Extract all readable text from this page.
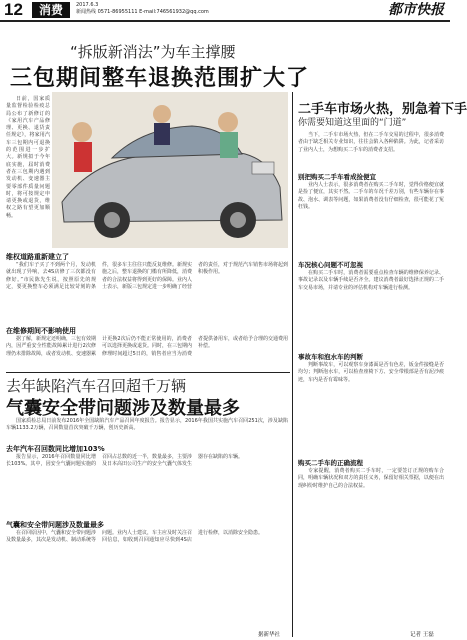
12	消费	2017.6.3
新闻热线 0571-86955111 E-mail:746561932@qq.com	都市快报
“拆版新消法”为车主撑腰
三包期间整车退换范围扩大了

日前，国家质量监督检验检疫总局公布了新修订的《家用汽车产品修理、更换、退货责任规定》，将家用汽车三包期内可退换的范围进一步扩大。新规拟于今年底实施，届时消费者在三包期内遇到发动机、变速器主要零部件质量问题时，将可按规定申请更换或退货，维权之路有望更加顺畅。

维权道路重新建立了

“我们车子买了不到两个月，发动机就出现了异响，去4S店修了三次都没有修好。”市民陈先生说，按照原先的规定，要更换整车必须满足比较苛刻的条件，很多车主往往只能反复维修。新规实施之后，整车退换的门槛有所降低，消费者的合法权益将得到更好的保障。业内人士表示，新版三包规定进一步明确了经营者的责任，对于规范汽车销售市场将起到积极作用。

在维修期间不影响使用

据了解，新规定还明确，三包有效期内，因严重安全性能故障累计进行2次修理仍未排除故障，或者发动机、变速器累计更换2次后仍不能正常使用的，消费者可以选择更换或退货。同时，在三包期内修理时间超过5日的，销售者应当为消费者提供备用车，或者给予合理的交通费用补偿。

二手车市场火热，别急着下手
你需要知道这里面的“门道”

当下，二手车市场火热，但在二手车交易的过程中，很多消费者由于缺乏相关专业知识，往往会陷入各种陷阱。为此，记者采访了业内人士，为想购买二手车的消费者支招。

别把购买二手车看成捡便宜

业内人士表示，很多消费者在购买二手车时，觉得价格便宜就是捡了便宜，其实不然。二手车的车况千差万别，有些车辆存在事故、泡水、调表等问题，如果消费者没有仔细检查，很可能花了冤枉钱。

车况核心问题不可忽视

在购买二手车时，消费者需要重点检查车辆的维修保养记录、事故记录以及车辆手续是否齐全。建议消费者最好选择正规的二手车交易市场，并请专业的评估机构对车辆进行检测。

事故车和泡水车的判断

判断事故车，可以观察车身漆面是否有色差，钣金件接缝是否均匀；判断泡水车，可以检查座椅下方、安全带根部是否有泥沙痕迹，车内是否有霉味等。

购买二手车的正确流程

专家提醒，消费者购买二手车时，一定要签订正规的购车合同，明确车辆状况和双方的责任义务，保留好相关票据，以便在出现纠纷时维护自己的合法权益。

记者 王磊
去年缺陷汽车召回超千万辆
气囊安全带问题涉及数量最多

国家质检总局日前发布2016年全国缺陷汽车产品召回年度报告。报告显示，2016年我国共实施汽车召回251次，涉及缺陷车辆1133.2万辆，召回数量首次突破千万辆，创历史新高。

去年汽车召回数同比增加103%

报告显示，2016年召回数量同比增长103%。其中，因安全气囊问题实施的召回占总数的近一半，数量最多，主要涉及日本高田公司生产的安全气囊气体发生器存在缺陷的车辆。

气囊和安全带问题涉及数量最多

在召回原因中，气囊和安全带问题涉及数量最多，其次是发动机、制动系统等问题。业内人士建议，车主应及时关注召回信息，如收到召回通知应尽快到4S店进行检修，以消除安全隐患。

据新华社
